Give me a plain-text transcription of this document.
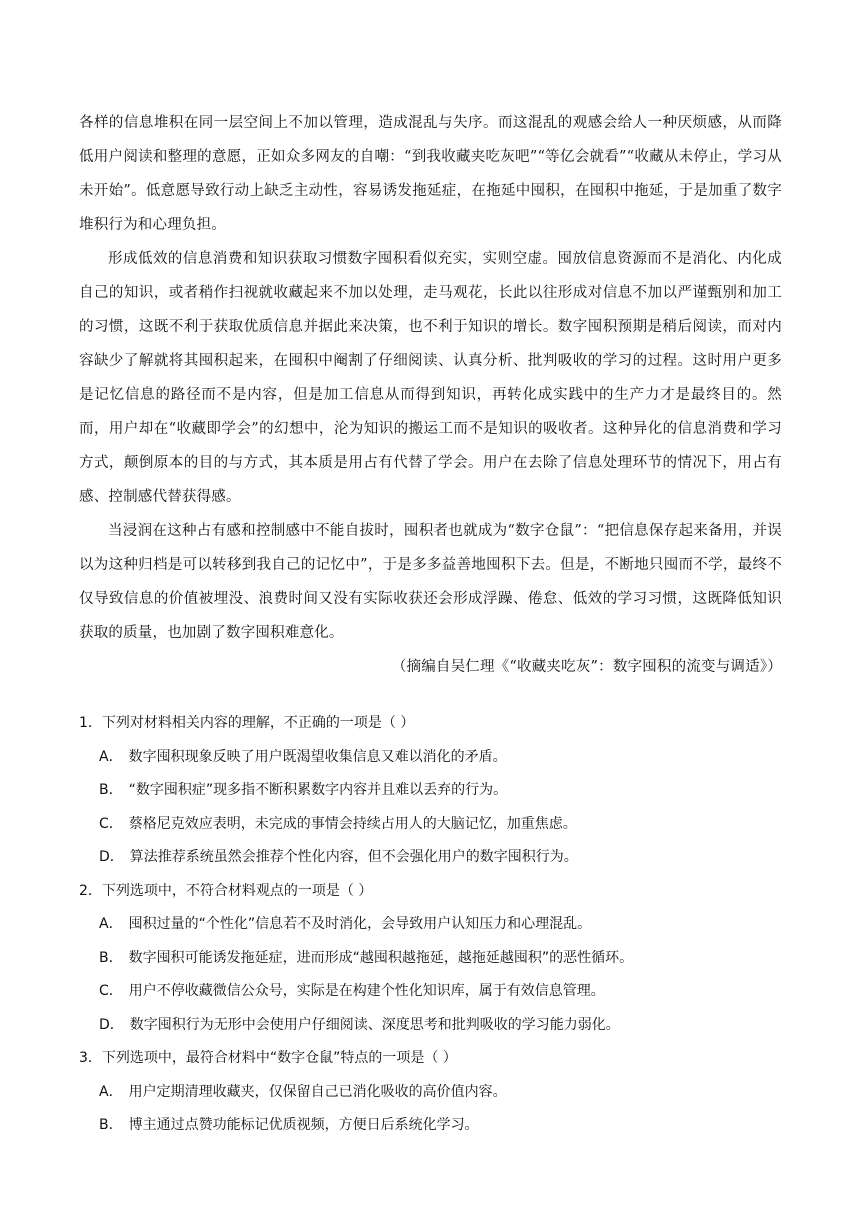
各样的信息堆积在同一层空间上不加以管理，造成混乱与失序。而这混乱的观感会给人一种厌烦感，从而降低用户阅读和整理的意愿，正如众多网友的自嘲：“到我收藏夹吃灰吧”“等亿会就看”“收藏从未停止，学习从未开始”。低意愿导致行动上缺乏主动性，容易诱发拖延症，在拖延中囤积，在囤积中拖延，于是加重了数字堆积行为和心理负担。

形成低效的信息消费和知识获取习惯数字囤积看似充实，实则空虚。囤放信息资源而不是消化、内化成自己的知识，或者稍作扫视就收藏起来不加以处理，走马观花，长此以往形成对信息不加以严谨甄别和加工的习惯，这既不利于获取优质信息并据此来决策，也不利于知识的增长。数字囤积预期是稍后阅读，而对内容缺少了解就将其囤积起来，在囤积中阉割了仔细阅读、认真分析、批判吸收的学习的过程。这时用户更多是记忆信息的路径而不是内容，但是加工信息从而得到知识，再转化成实践中的生产力才是最终目的。然而，用户却在“收藏即学会”的幻想中，沦为知识的搬运工而不是知识的吸收者。这种异化的信息消费和学习方式，颠倒原本的目的与方式，其本质是用占有代替了学会。用户在去除了信息处理环节的情况下，用占有感、控制感代替获得感。

当浸润在这种占有感和控制感中不能自拔时，囤积者也就成为“数字仓鼠”：“把信息保存起来备用，并误以为这种归档是可以转移到我自己的记忆中”，于是多多益善地囤积下去。但是，不断地只囤而不学，最终不仅导致信息的价值被埋没、浪费时间又没有实际收获还会形成浮躁、倦怠、低效的学习习惯，这既降低知识获取的质量，也加剧了数字囤积难意化。

（摘编自吴仁理《“收藏夹吃灰”：数字囤积的流变与调适》）

1．下列对材料相关内容的理解，不正确的一项是（ ）

A． 数字囤积现象反映了用户既渴望收集信息又难以消化的矛盾。

B． “数字囤积症”现多指不断积累数字内容并且难以丢弃的行为。

C． 蔡格尼克效应表明，未完成的事情会持续占用人的大脑记忆，加重焦虑。

D． 算法推荐系统虽然会推荐个性化内容，但不会强化用户的数字囤积行为。

2．下列选项中，不符合材料观点的一项是（ ）

A． 囤积过量的“个性化”信息若不及时消化，会导致用户认知压力和心理混乱。

B． 数字囤积可能诱发拖延症，进而形成“越囤积越拖延，越拖延越囤积”的恶性循环。

C． 用户不停收藏微信公众号，实际是在构建个性化知识库，属于有效信息管理。

D． 数字囤积行为无形中会使用户仔细阅读、深度思考和批判吸收的学习能力弱化。

3．下列选项中，最符合材料中“数字仓鼠”特点的一项是（ ）

A． 用户定期清理收藏夹，仅保留自己已消化吸收的高价值内容。

B． 博主通过点赞功能标记优质视频，方便日后系统化学习。
